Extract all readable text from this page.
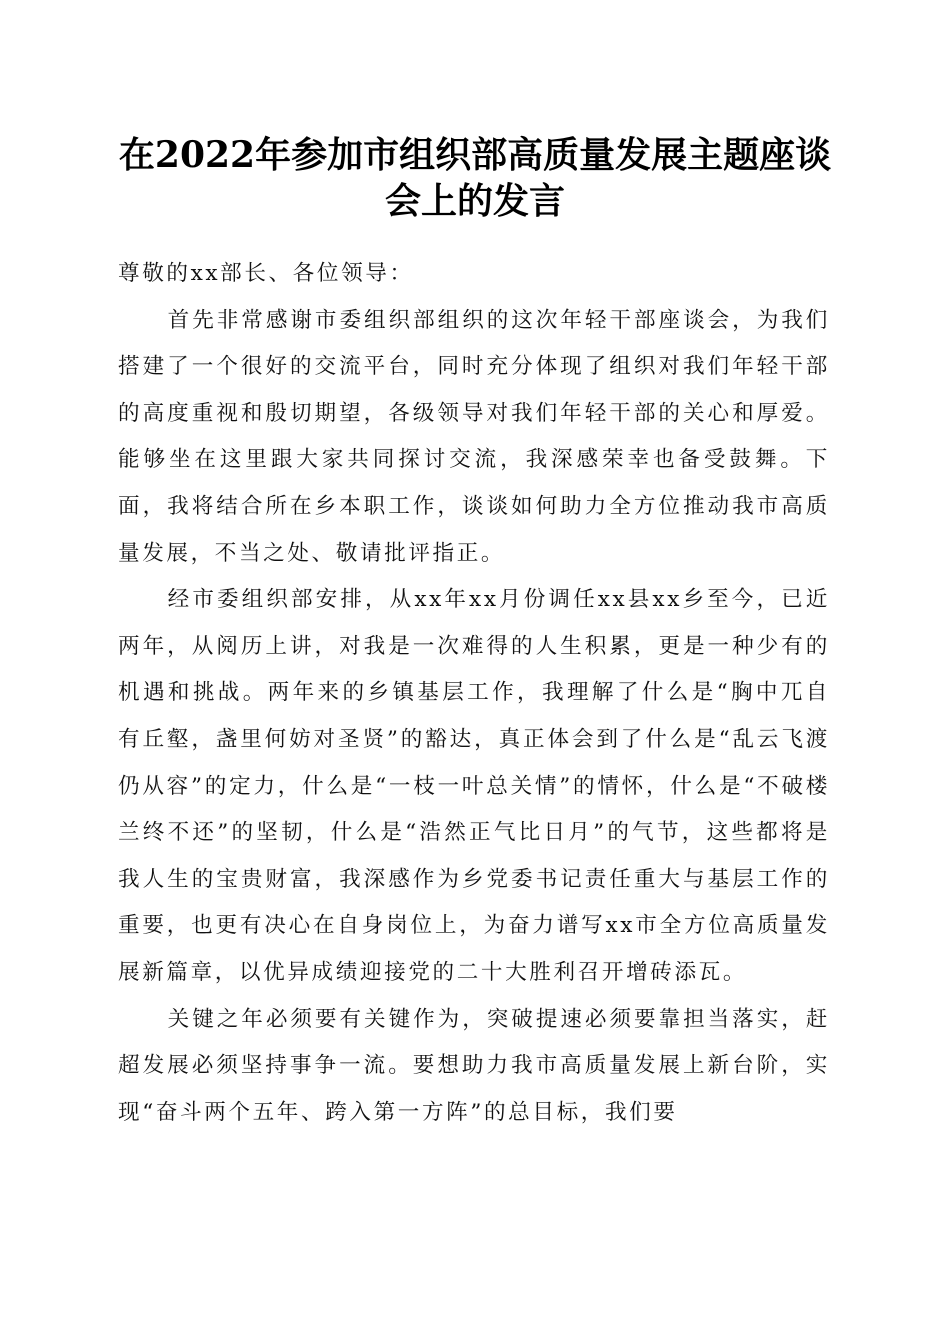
在2022年参加市组织部高质量发展主题座谈会上的发言

尊敬的xx部长、各位领导：

首先非常感谢市委组织部组织的这次年轻干部座谈会，为我们搭建了一个很好的交流平台，同时充分体现了组织对我们年轻干部的高度重视和殷切期望，各级领导对我们年轻干部的关心和厚爱。能够坐在这里跟大家共同探讨交流，我深感荣幸也备受鼓舞。下面，我将结合所在乡本职工作，谈谈如何助力全方位推动我市高质量发展，不当之处、敬请批评指正。

经市委组织部安排，从xx年xx月份调任xx县xx乡至今，已近两年，从阅历上讲，对我是一次难得的人生积累，更是一种少有的机遇和挑战。两年来的乡镇基层工作，我理解了什么是“胸中兀自有丘壑，盏里何妨对圣贤”的豁达，真正体会到了什么是“乱云飞渡仍从容”的定力，什么是“一枝一叶总关情”的情怀，什么是“不破楼兰终不还”的坚韧，什么是“浩然正气比日月”的气节，这些都将是我人生的宝贵财富，我深感作为乡党委书记责任重大与基层工作的重要，也更有决心在自身岗位上，为奋力谱写xx市全方位高质量发展新篇章，以优异成绩迎接党的二十大胜利召开增砖添瓦。

关键之年必须要有关键作为，突破提速必须要靠担当落实，赶超发展必须坚持事争一流。要想助力我市高质量发展上新台阶，实现“奋斗两个五年、跨入第一方阵”的总目标，我们要
